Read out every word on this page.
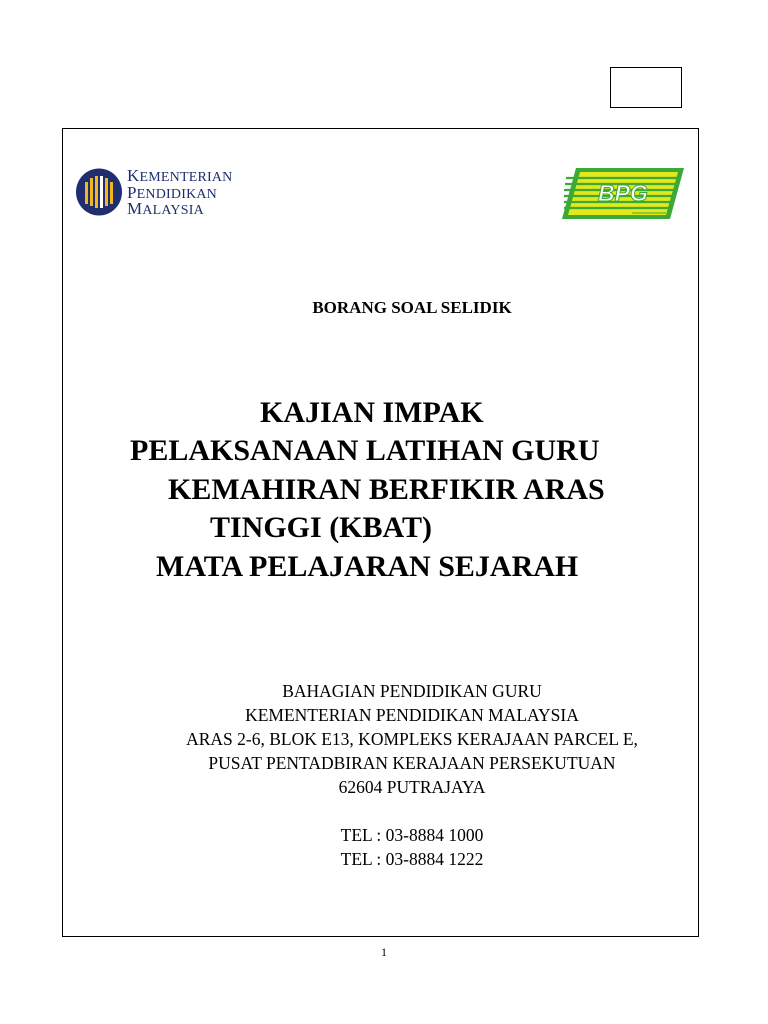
KEMENTERIAN
PENDIDIKAN
MALAYSIA
BPG
BORANG SOAL SELIDIK
KAJIAN IMPAK
PELAKSANAAN LATIHAN GURU
KEMAHIRAN BERFIKIR ARAS
TINGGI (KBAT)
MATA PELAJARAN SEJARAH
BAHAGIAN PENDIDIKAN GURU
KEMENTERIAN PENDIDIKAN MALAYSIA
ARAS 2-6, BLOK E13, KOMPLEKS KERAJAAN PARCEL E,
PUSAT PENTADBIRAN KERAJAAN PERSEKUTUAN
62604 PUTRAJAYA
TEL : 03-8884 1000
TEL : 03-8884 1222
1
